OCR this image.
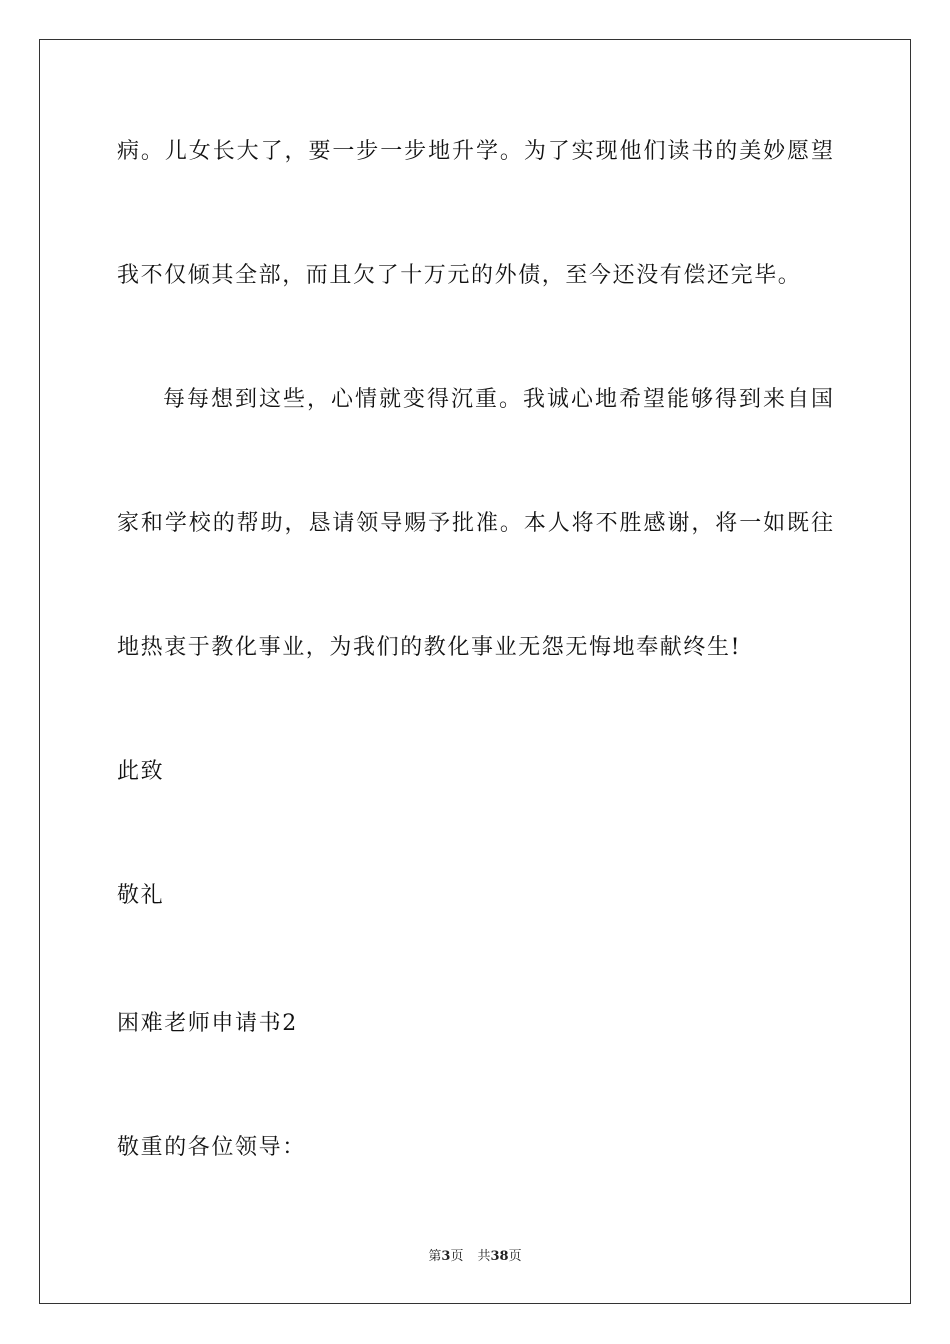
病。儿女长大了，要一步一步地升学。为了实现他们读书的美妙愿望
我不仅倾其全部，而且欠了十万元的外债，至今还没有偿还完毕。
每每想到这些，心情就变得沉重。我诚心地希望能够得到来自国
家和学校的帮助，恳请领导赐予批准。本人将不胜感谢，将一如既往
地热衷于教化事业，为我们的教化事业无怨无悔地奉献终生!
此致
敬礼
困难老师申请书2
敬重的各位领导：
第3页 共38页
